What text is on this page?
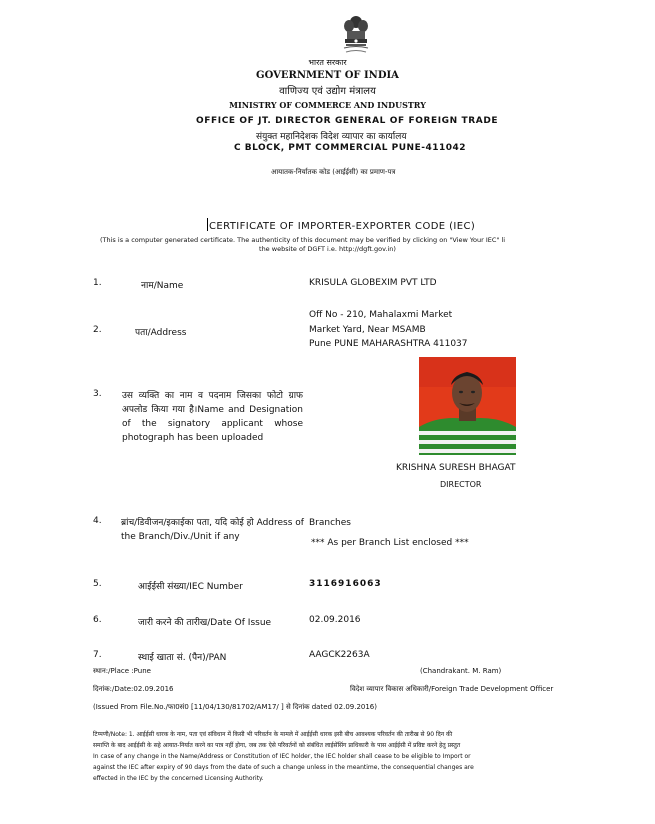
भारत सरकार
GOVERNMENT OF INDIA
वाणिज्य एवं उद्योग मंत्रालय
MINISTRY OF COMMERCE AND INDUSTRY
OFFICE OF JT. DIRECTOR GENERAL OF FOREIGN TRADE
संयुक्त महानिदेशक विदेश व्यापार का कार्यालय
C BLOCK, PMT COMMERCIAL PUNE-411042
आयातक-निर्यातक कोड (आईईसी) का प्रमाण-पत्र
CERTIFICATE OF IMPORTER-EXPORTER CODE (IEC)
(This is a computer generated certificate. The authenticity of this document may be verified by clicking on "View Your IEC" li
the website of DGFT i.e. http://dgft.gov.in)
1.	नाम/Name	KRISULA GLOBEXIM PVT LTD
2.	पता/Address
Off No - 210, Mahalaxmi Market
Market Yard, Near MSAMB
Pune PUNE MAHARASHTRA 411037
3. उस व्यक्ति का नाम व पदनाम जिसका फोटो ग्राफ अपलोड किया गया है।Name and Designation of the signatory applicant whose photograph has been uploaded
KRISHNA SURESH BHAGAT
DIRECTOR
4. ब्रांच/डिवीजन/इकाईका पता, यदि कोई हो Address of the Branch/Div./Unit if any
Branches
*** As per Branch List enclosed ***
5.	आईईसी संख्या/IEC Number	3116916063
6.	जारी करने की तारीख/Date Of Issue	02.09.2016
7.	स्थाई खाता सं. (पैन)/PAN	AAGCK2263A
स्थान:/Place :Pune	(Chandrakant. M. Ram)
दिनांक:/Date:02.09.2016	विदेश व्यापार विकास अधिकारी/Foreign Trade Development Officer
(Issued From File.No./फा0सं0 [11/04/130/81702/AM17/ ] से दिनांक dated 02.09.2016)
टिप्पणी/Note: 1. आईईसी धारक के नाम, पता एवं संविधान में किसी भी परिवर्तन के मामले में आईईसी धारक इसी बीच आवश्यक परिवर्तन की तारीख से 90 दिन की
समाप्ति के बाद आईईसी के सहे आयात-निर्यात करने का पात्र नहीं होगा, जब तक ऐसे परिवर्तनों को संबंधित लाईसेंसिंग प्राधिकारी के पास आईईसी में प्रविष्ट करने हेतु प्रस्तुत
In case of any change in the Name/Address or Constitution of IEC holder, the IEC holder shall cease to be eligible to Import or
against the IEC after expiry of 90 days from the date of such a change unless in the meantime, the consequential changes are
effected in the IEC by the concerned Licensing Authority.
